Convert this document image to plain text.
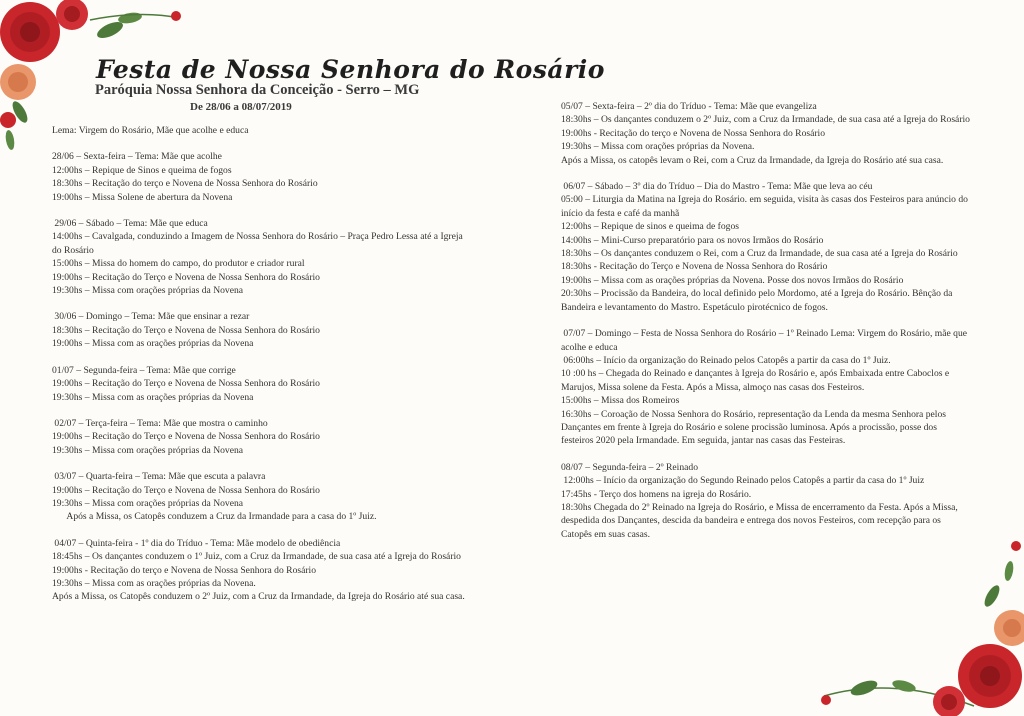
Festa de Nossa Senhora do Rosário
Paróquia Nossa Senhora da Conceição - Serro – MG
De 28/06 a 08/07/2019
Lema: Virgem do Rosário, Mãe que acolhe e educa
28/06 – Sexta-feira – Tema: Mãe que acolhe
12:00hs – Repique de Sinos e queima de fogos
18:30hs – Recitação do terço e Novena de Nossa Senhora do Rosário
19:00hs – Missa Solene de abertura da Novena
29/06 – Sábado – Tema: Mãe que educa
14:00hs – Cavalgada, conduzindo a Imagem de Nossa Senhora do Rosário – Praça Pedro Lessa até a Igreja do Rosário
15:00hs – Missa do homem do campo, do produtor e criador rural
19:00hs – Recitação do Terço e Novena de Nossa Senhora do Rosário
19:30hs – Missa com orações próprias da Novena
30/06 – Domingo – Tema: Mãe que ensinar a rezar
18:30hs – Recitação do Terço e Novena de Nossa Senhora do Rosário
19:00hs – Missa com as orações próprias da Novena
01/07 – Segunda-feira – Tema: Mãe que corrige
19:00hs – Recitação do Terço e Novena de Nossa Senhora do Rosário
19:30hs – Missa com as orações próprias da Novena
02/07 – Terça-feira – Tema: Mãe que mostra o caminho
19:00hs – Recitação do Terço e Novena de Nossa Senhora do Rosário
19:30hs – Missa com orações próprias da Novena
03/07 – Quarta-feira – Tema: Mãe que escuta a palavra
19:00hs – Recitação do Terço e Novena de Nossa Senhora do Rosário
19:30hs – Missa com orações próprias da Novena
Após a Missa, os Catopês conduzem a Cruz da Irmandade para a casa do 1º Juiz.
04/07 – Quinta-feira - 1º dia do Tríduo - Tema: Mãe modelo de obediência
18:45hs – Os dançantes conduzem o 1º Juiz, com a Cruz da Irmandade, de sua casa até a Igreja do Rosário
19:00hs - Recitação do terço e Novena de Nossa Senhora do Rosário
19:30hs – Missa com as orações próprias da Novena.
Após a Missa, os Catopês conduzem o 2º Juiz, com a Cruz da Irmandade, da Igreja do Rosário até sua casa.
05/07 – Sexta-feira – 2º dia do Tríduo - Tema: Mãe que evangeliza
18:30hs – Os dançantes conduzem o 2º Juiz, com a Cruz da Irmandade, de sua casa até a Igreja do Rosário
19:00hs - Recitação do terço e Novena de Nossa Senhora do Rosário
19:30hs – Missa com orações próprias da Novena.
Após a Missa, os catopês levam o Rei, com a Cruz da Irmandade, da Igreja do Rosário até sua casa.
06/07 – Sábado – 3º dia do Tríduo – Dia do Mastro - Tema: Mãe que leva ao céu
05:00 – Liturgia da Matina na Igreja do Rosário. em seguida, visita às casas dos Festeiros para anúncio do início da festa e café da manhã
12:00hs – Repique de sinos e queima de fogos
14:00hs – Mini-Curso preparatório para os novos Irmãos do Rosário
18:30hs – Os dançantes conduzem o Rei, com a Cruz da Irmandade, de sua casa até a Igreja do Rosário
18:30hs - Recitação do Terço e Novena de Nossa Senhora do Rosário
19:00hs – Missa com as orações próprias da Novena. Posse dos novos Irmãos do Rosário
20:30hs – Procissão da Bandeira, do local definido pelo Mordomo, até a Igreja do Rosário. Bênção da Bandeira e levantamento do Mastro. Espetáculo pirotécnico de fogos.
07/07 – Domingo – Festa de Nossa Senhora do Rosário – 1º Reinado Lema: Virgem do Rosário, mãe que acolhe e educa
06:00hs – Início da organização do Reinado pelos Catopês a partir da casa do 1º Juiz.
10 :00 hs – Chegada do Reinado e dançantes à Igreja do Rosário e, após Embaixada entre Caboclos e Marujos, Missa solene da Festa. Após a Missa, almoço nas casas dos Festeiros.
15:00hs – Missa dos Romeiros
16:30hs – Coroação de Nossa Senhora do Rosário, representação da Lenda da mesma Senhora pelos Dançantes em frente à Igreja do Rosário e solene procissão luminosa. Após a procissão, posse dos festeiros 2020 pela Irmandade. Em seguida, jantar nas casas das Festeiras.
08/07 – Segunda-feira – 2º Reinado
12:00hs – Início da organização do Segundo Reinado pelos Catopês a partir da casa do 1º Juiz
17:45hs - Terço dos homens na igreja do Rosário.
18:30hs Chegada do 2º Reinado na Igreja do Rosário, e Missa de encerramento da Festa. Após a Missa, despedida dos Dançantes, descida da bandeira e entrega dos novos Festeiros, com recepção para os Catopês em suas casas.
